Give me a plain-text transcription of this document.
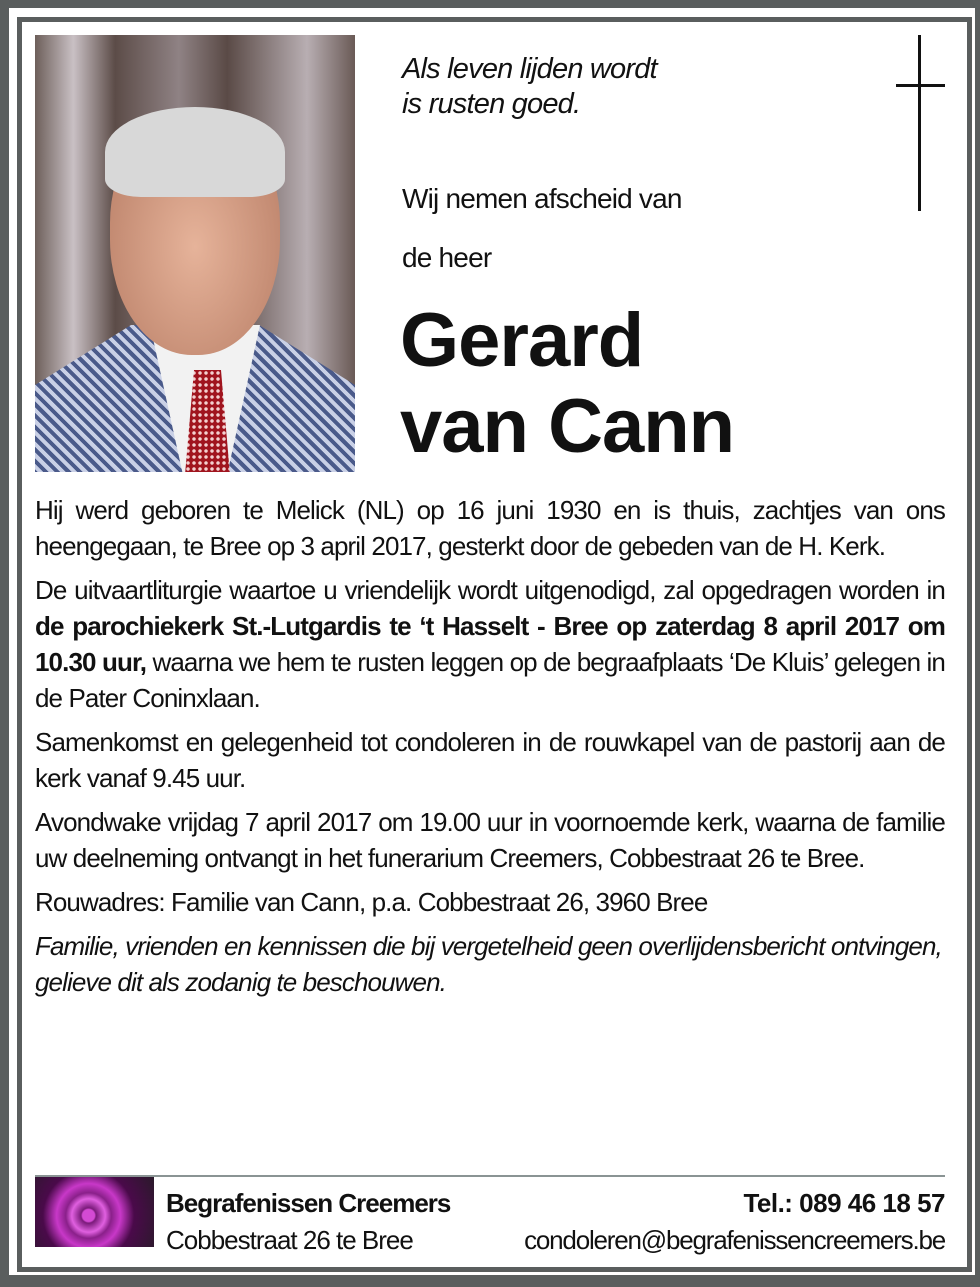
Als leven lijden wordt
is rusten goed.
Wij nemen afscheid van
de heer
Gerard
van Cann

Hij werd geboren te Melick (NL) op 16 juni 1930 en is thuis, zachtjes van ons heengegaan, te Bree op 3 april 2017, gesterkt door de gebeden van de H. Kerk.

De uitvaartliturgie waartoe u vriendelijk wordt uitgenodigd, zal opgedragen worden in de parochiekerk St.-Lutgardis te ‘t Hasselt - Bree op zaterdag 8 april 2017 om 10.30 uur, waarna we hem te rusten leggen op de begraafplaats ‘De Kluis’ gelegen in de Pater Coninxlaan.

Samenkomst en gelegenheid tot condoleren in de rouwkapel van de pastorij aan de kerk vanaf 9.45 uur.

Avondwake vrijdag 7 april 2017 om 19.00 uur in voornoemde kerk, waarna de familie uw deelneming ontvangt in het funerarium Creemers, Cobbestraat 26 te Bree.

Rouwadres: Familie van Cann, p.a. Cobbestraat 26, 3960 Bree

Familie, vrienden en kennissen die bij vergetelheid geen overlijdensbericht ontvingen, gelieve dit als zodanig te beschouwen.

Begrafenissen Creemers
Cobbestraat 26 te Bree
Tel.: 089 46 18 57
condoleren@begrafenissencreemers.be
